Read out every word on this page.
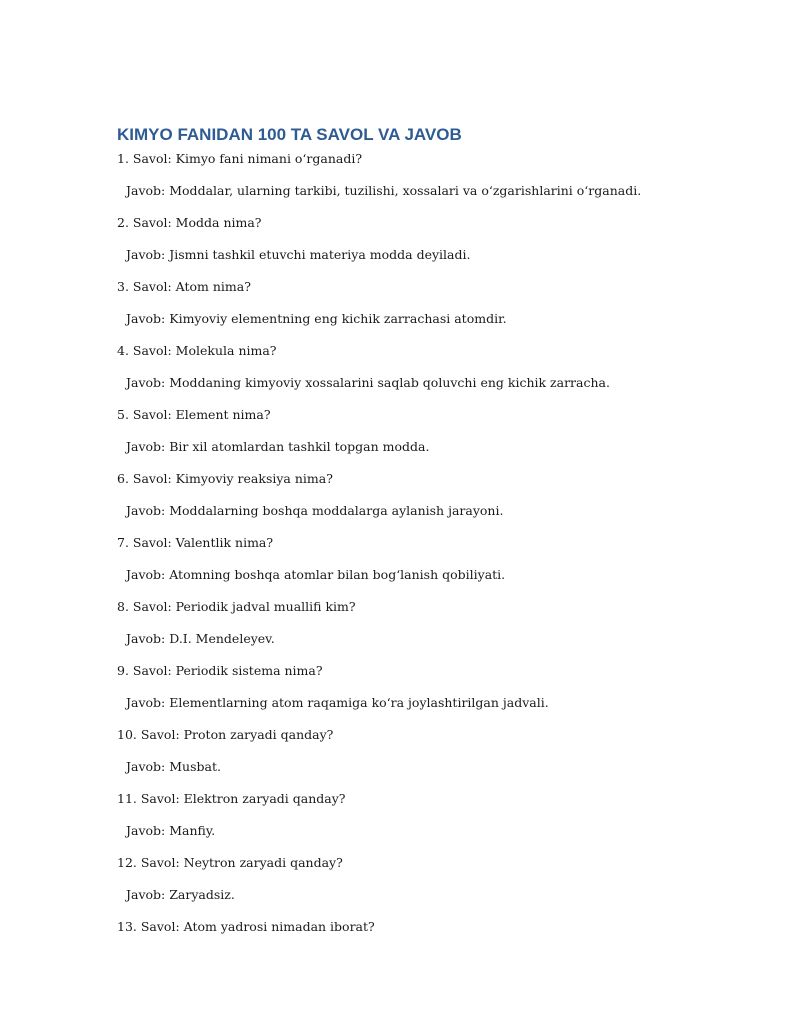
KIMYO FANIDAN 100 TA SAVOL VA JAVOB
1. Savol: Kimyo fani nimani o‘rganadi?
Javob: Moddalar, ularning tarkibi, tuzilishi, xossalari va o‘zgarishlarini o‘rganadi.
2. Savol: Modda nima?
Javob: Jismni tashkil etuvchi materiya modda deyiladi.
3. Savol: Atom nima?
Javob: Kimyoviy elementning eng kichik zarrachasi atomdir.
4. Savol: Molekula nima?
Javob: Moddaning kimyoviy xossalarini saqlab qoluvchi eng kichik zarracha.
5. Savol: Element nima?
Javob: Bir xil atomlardan tashkil topgan modda.
6. Savol: Kimyoviy reaksiya nima?
Javob: Moddalarning boshqa moddalarga aylanish jarayoni.
7. Savol: Valentlik nima?
Javob: Atomning boshqa atomlar bilan bog‘lanish qobiliyati.
8. Savol: Periodik jadval muallifi kim?
Javob: D.I. Mendeleyev.
9. Savol: Periodik sistema nima?
Javob: Elementlarning atom raqamiga ko‘ra joylashtirilgan jadvali.
10. Savol: Proton zaryadi qanday?
Javob: Musbat.
11. Savol: Elektron zaryadi qanday?
Javob: Manfiy.
12. Savol: Neytron zaryadi qanday?
Javob: Zaryadsiz.
13. Savol: Atom yadrosi nimadan iborat?
